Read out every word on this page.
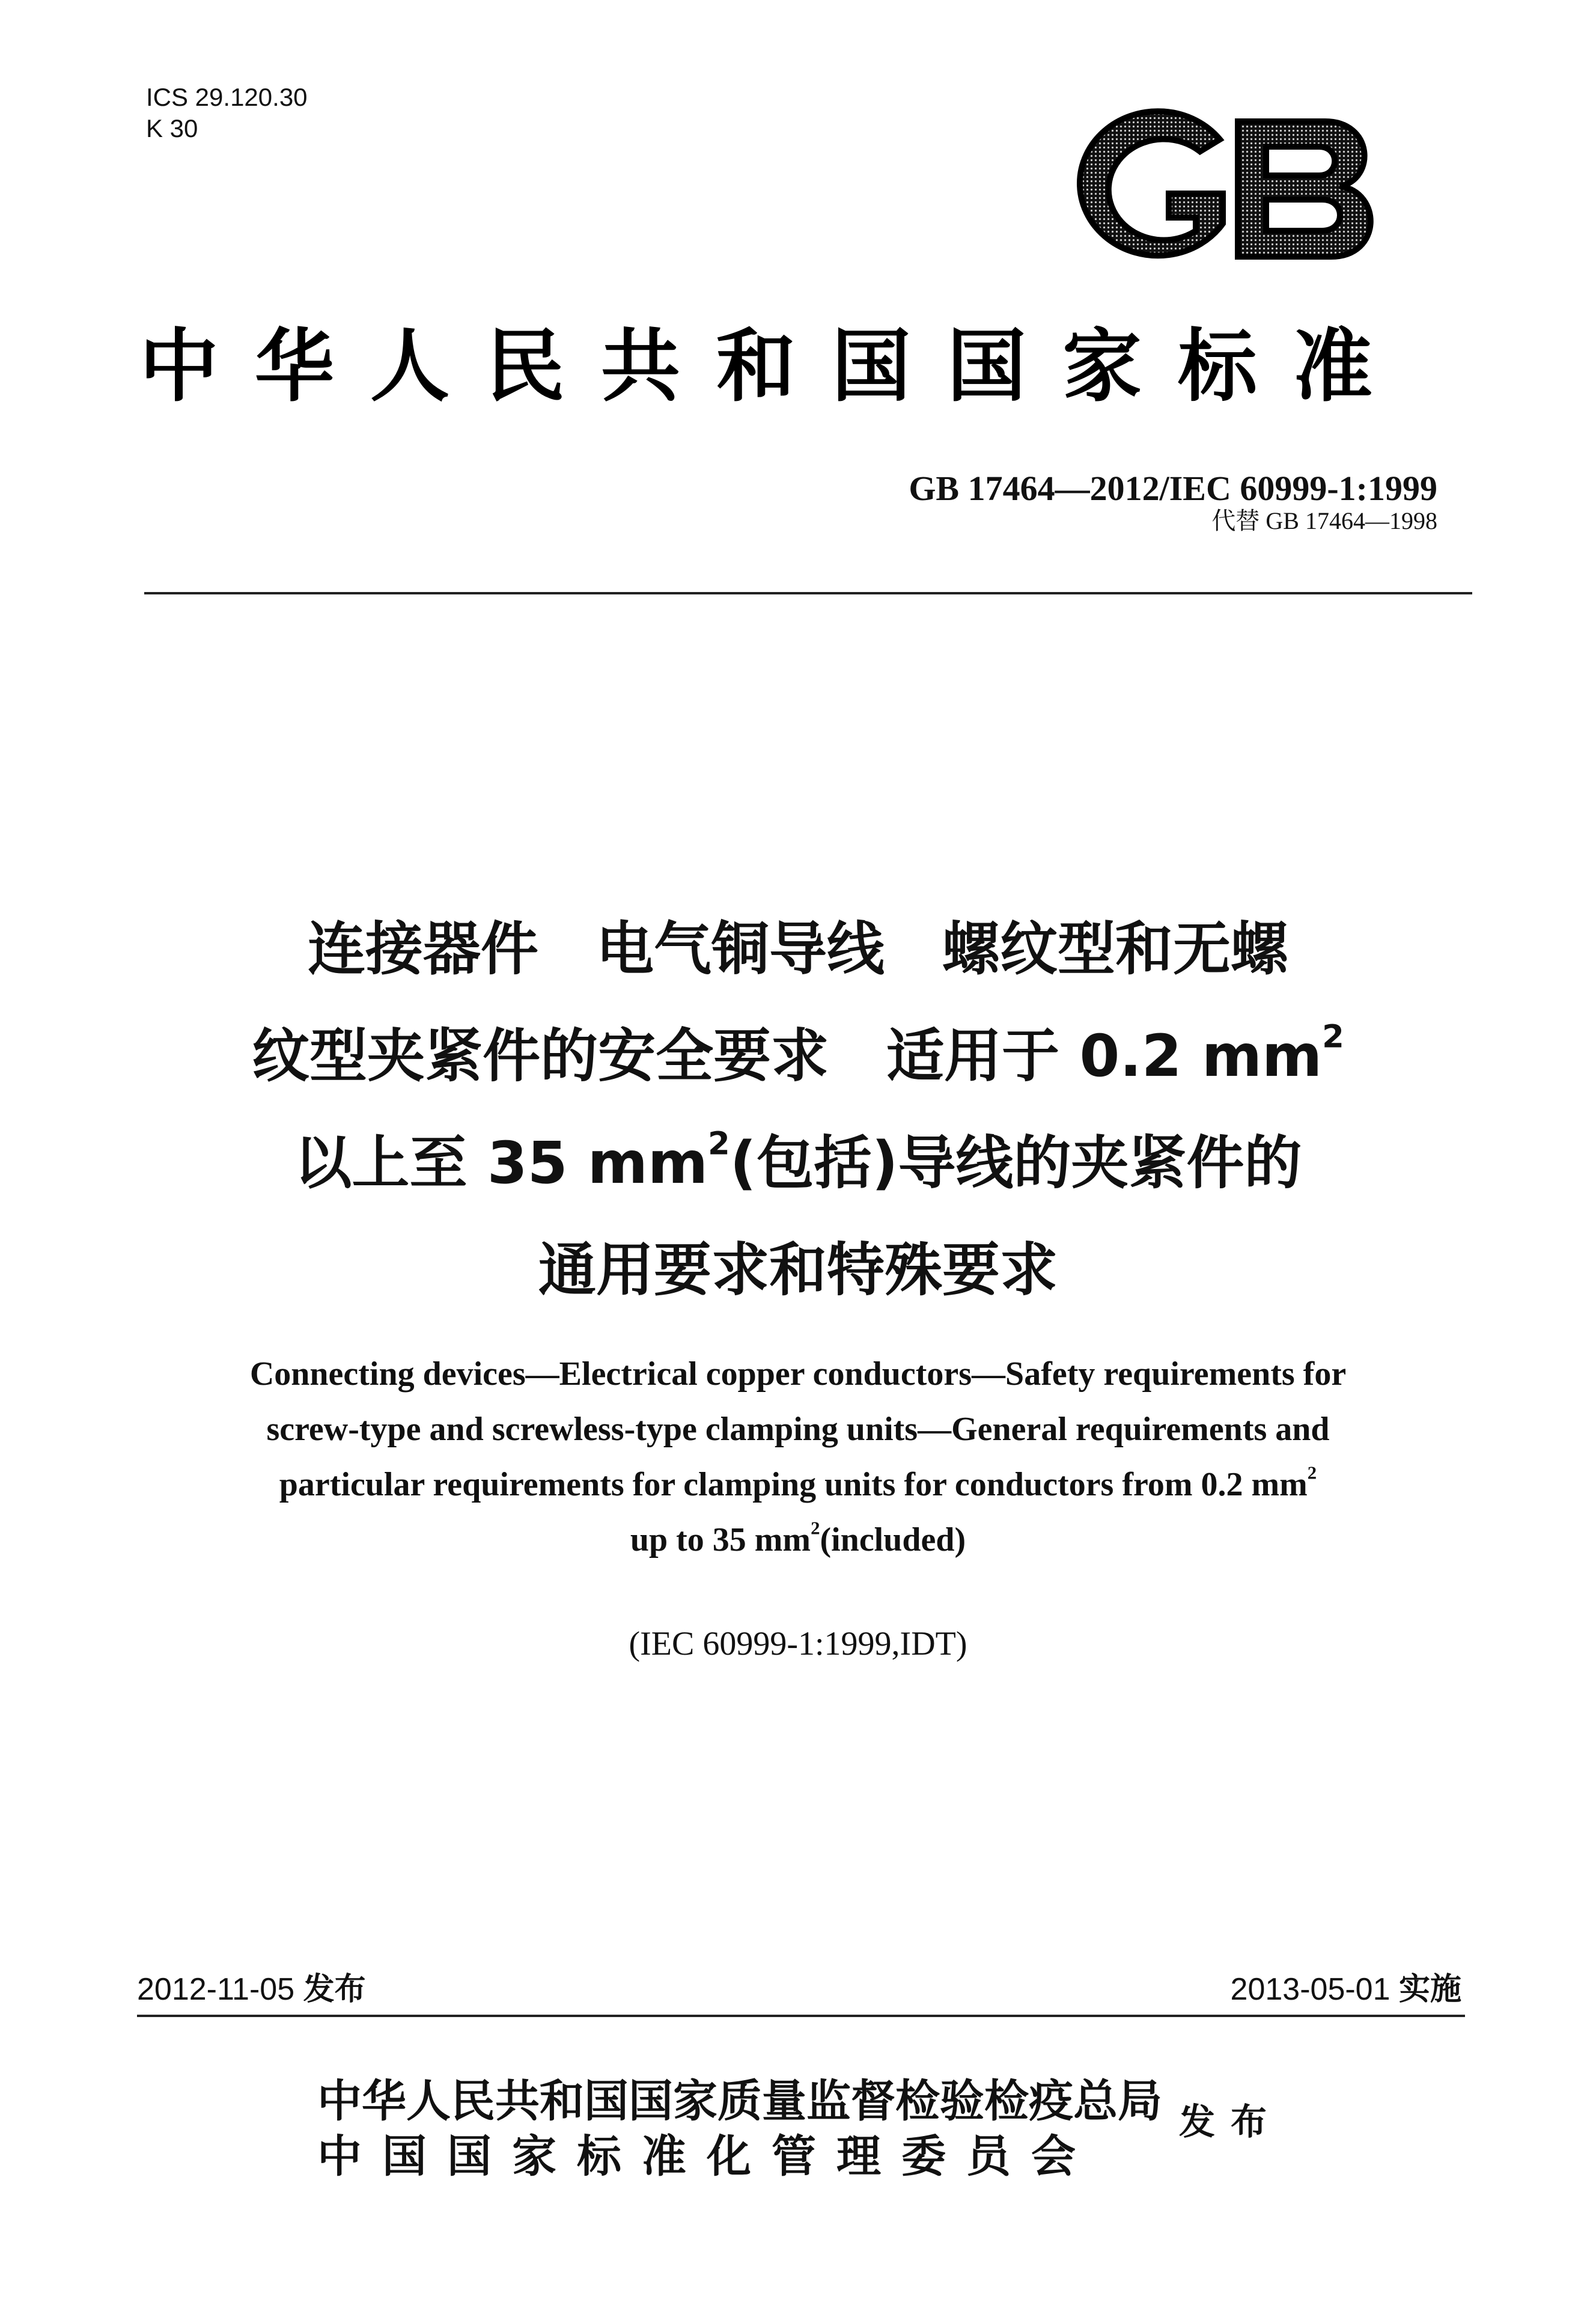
ICS 29.120.30
K 30
中华人民共和国国家标准
GB 17464—2012/IEC 60999-1:1999
代替 GB 17464—1998
连接器件　电气铜导线　螺纹型和无螺
纹型夹紧件的安全要求　适用于 0.2 $mm^2$
以上至 35 $mm^2$(包括)导线的夹紧件的
通用要求和特殊要求
Connecting devices—Electrical copper conductors—Safety requirements for
screw-type and screwless-type clamping units—General requirements and
particular requirements for clamping units for conductors from 0.2 $mm^2$
up to 35 $mm^2(included)$
(IEC 60999-1:1999,IDT)
2012-11-05 发布	2013-05-01 实施
中华人民共和国国家质量监督检验检疫总局
中国国家标准化管理委员会
发布
